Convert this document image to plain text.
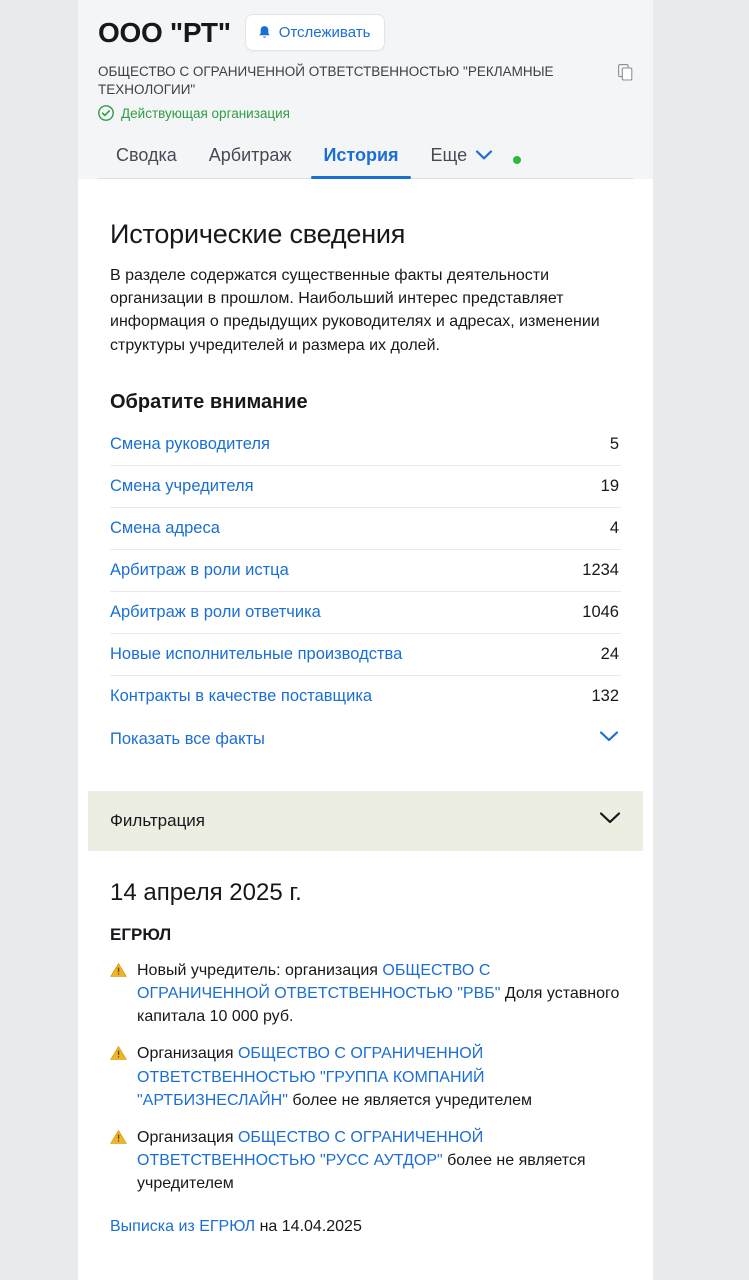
ООО "РТ"	Отслеживать
ОБЩЕСТВО С ОГРАНИЧЕННОЙ ОТВЕТСТВЕННОСТЬЮ "РЕКЛАМНЫЕ ТЕХНОЛОГИИ"
Действующая организация
Сводка	Арбитраж	История	Еще
Исторические сведения

В разделе содержатся существенные факты деятельности организации в прошлом. Наибольший интерес представляет информация о предыдущих руководителях и адресах, изменении структуры учредителей и размера их долей.

Обратите внимание
Смена руководителя	5
Смена учредителя	19
Смена адреса	4
Арбитраж в роли истца	1234
Арбитраж в роли ответчика	1046
Новые исполнительные производства	24
Контракты в качестве поставщика	132
Показать все факты
Фильтрация
14 апреля 2025 г.
ЕГРЮЛ
Новый учредитель: организация ОБЩЕСТВО С ОГРАНИЧЕННОЙ ОТВЕТСТВЕННОСТЬЮ "РВБ" Доля уставного капитала 10 000 руб.
Организация ОБЩЕСТВО С ОГРАНИЧЕННОЙ ОТВЕТСТВЕННОСТЬЮ "ГРУППА КОМПАНИЙ "АРТБИЗНЕСЛАЙН" более не является учредителем
Организация ОБЩЕСТВО С ОГРАНИЧЕННОЙ ОТВЕТСТВЕННОСТЬЮ "РУСС АУТДОР" более не является учредителем
Выписка из ЕГРЮЛ на 14.04.2025
